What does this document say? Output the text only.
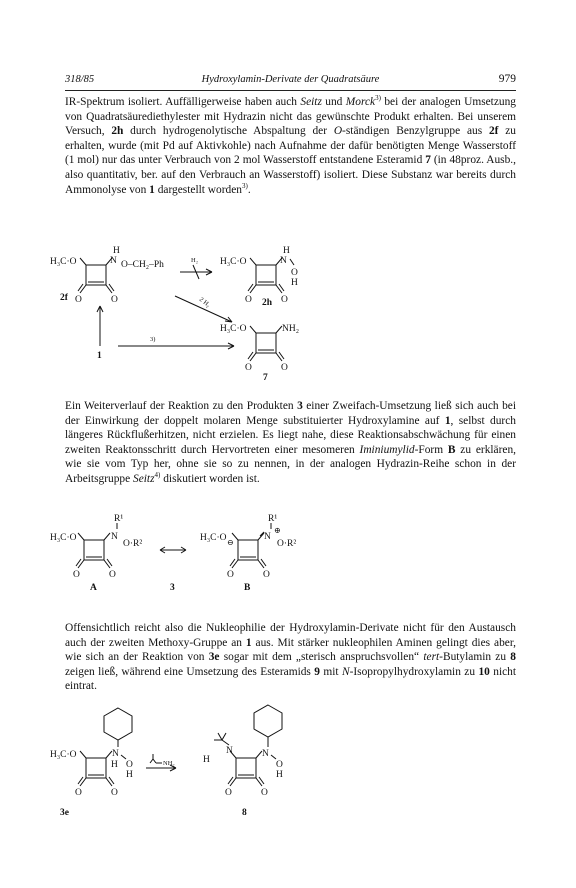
318/85	Hydroxylamin-Derivate der Quadratsäure	979

IR-Spektrum isoliert. Auffälligerweise haben auch Seitz und Morck$^{3)}$ bei der analogen Umsetzung von Quadratsäurediethylester mit Hydrazin nicht das gewünschte Produkt erhalten. Bei unserem Versuch, 2h durch hydrogenolytische Abspaltung der O-ständigen Benzylgruppe aus 2f zu erhalten, wurde (mit Pd auf Aktivkohle) nach Aufnahme der dafür benötigten Menge Wasserstoff (1 mol) nur das unter Verbrauch von 2 mol Wasserstoff entstandene Esteramid 7 (in 48proz. Ausb., also quantitativ, ber. auf den Verbrauch an Wasserstoff) isoliert. Diese Substanz war bereits durch Ammonolyse von 1 dargestellt worden$^{3)}$.

H₃C·O
H
N O–CH₂–Ph
O	O
H₂ H₃C·O
H
N
O
H
O	O
H₃C·O	NH₂
O	O
2 H₂
3)
2f	2h
1
7

Ein Weiterverlauf der Reaktion zu den Produkten 3 einer Zweifach-Umsetzung ließ sich auch bei der Einwirkung der doppelt molaren Menge substituierter Hydroxylamine auf 1, selbst durch längeres Rückflußerhitzen, nicht erzielen. Es liegt nahe, diese Reaktionsabschwächung für einen zweiten Reaktonsschritt durch Hervortreten einer mesomeren Iminiumylid-Form B zu erklären, wie sie vom Typ her, ohne sie so zu nennen, in der analogen Hydrazin-Reihe schon in der Arbeitsgruppe Seitz$^{4)}$ diskutiert worden ist.

H₃C·O
R¹
N
O·R²
O	O
H₃C·O
R¹
N
⊕
O·R²
⊖
O	O
A	3	B

Offensichtlich reicht also die Nukleophilie der Hydroxylamin-Derivate nicht für den Austausch auch der zweiten Methoxy-Gruppe an 1 aus. Mit stärker nukleophilen Aminen gelingt dies aber, wie sich an der Reaktion von 3e sogar mit dem „sterisch anspruchsvollen“ tert-Butylamin zu 8 zeigen ließ, während eine Umsetzung des Esteramids 9 mit N-Isopropylhydroxylamin zu 10 nicht eintrat.

H₃C·O	N
H O
H
O	O
NH₂	H
N	N
O
H
O	O
3e	8
